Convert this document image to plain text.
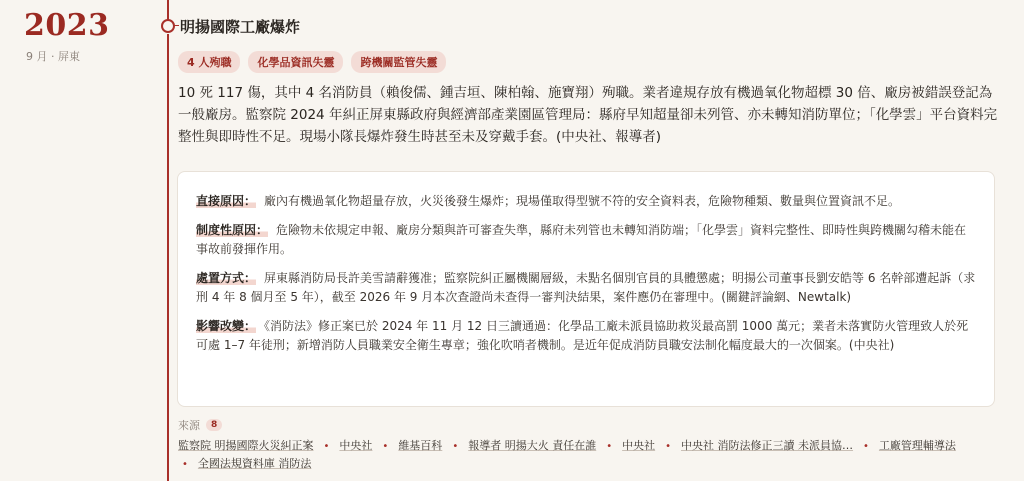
2023
9 月 · 屏東
明揚國際工廠爆炸
4 人殉職	化學品資訊失靈	跨機關監管失靈
10 死 117 傷，其中 4 名消防員（賴俊儒、鍾吉垣、陳柏翰、施寶翔）殉職。業者違規存放有機過氧化物超標 30 倍、廠房被錯誤登記為一般廠房。監察院 2024 年糾正屏東縣政府與經濟部產業園區管理局：縣府早知超量卻未列管、亦未轉知消防單位；「化學雲」平台資料完整性與即時性不足。現場小隊長爆炸發生時甚至未及穿戴手套。(中央社、報導者)
直接原因： 廠內有機過氧化物超量存放，火災後發生爆炸；現場僅取得型號不符的安全資料表，危險物種類、數量與位置資訊不足。
制度性原因： 危險物未依規定申報、廠房分類與許可審查失準，縣府未列管也未轉知消防端；「化學雲」資料完整性、即時性與跨機關勾稽未能在事故前發揮作用。
處置方式： 屏東縣消防局長許美雪請辭獲准；監察院糾正屬機關層級，未點名個別官員的具體懲處；明揚公司董事長劉安皓等 6 名幹部遭起訴（求刑 4 年 8 個月至 5 年），截至 2026 年 9 月本次查證尚未查得一審判決結果，案件應仍在審理中。(關鍵評論網、Newtalk)
影響改變： 《消防法》修正案已於 2024 年 11 月 12 日三讀通過：化學品工廠未派員協助救災最高罰 1000 萬元；業者未落實防火管理致人於死可處 1–7 年徒刑；新增消防人員職業安全衛生專章；強化吹哨者機制。是近年促成消防員職安法制化幅度最大的一次個案。(中央社)
來源	8
監察院 明揚國際火災糾正案 • 中央社 • 維基百科 • 報導者 明揚大火 責任在誰 • 中央社 • 中央社 消防法修正三讀 未派員協… • 工廠管理輔導法
• 全國法規資料庫 消防法
